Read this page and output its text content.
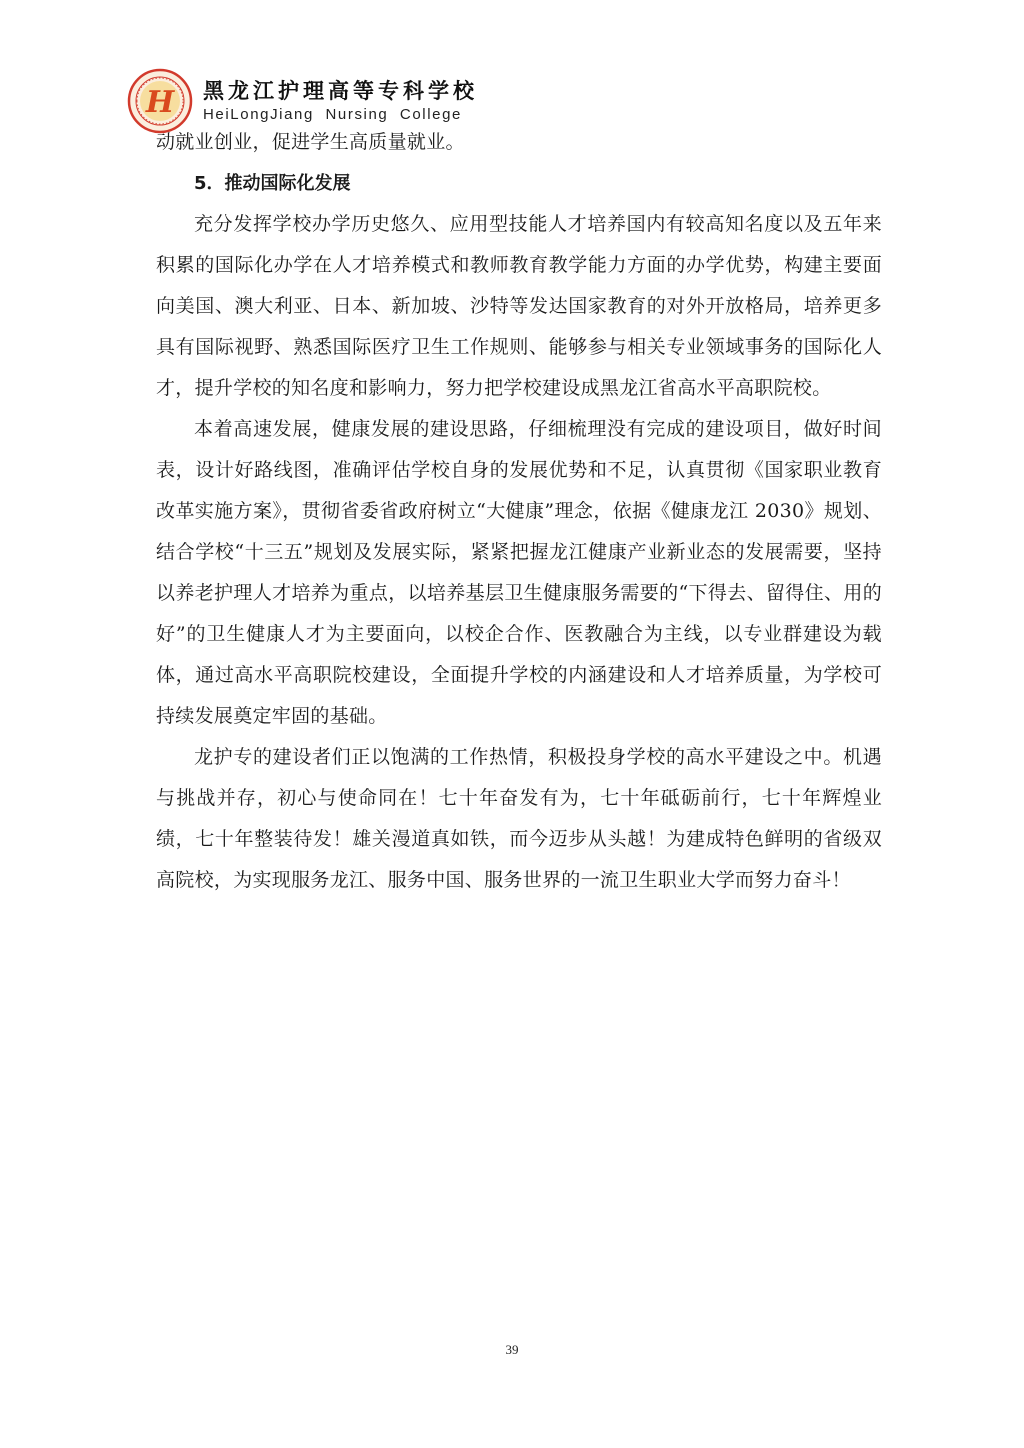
H 黑龙江护理高等专科学校
HeiLongJiang  Nursing  College

动就业创业，促进学生高质量就业。

5．推动国际化发展

充分发挥学校办学历史悠久、应用型技能人才培养国内有较高知名度以及五年来积累的国际化办学在人才培养模式和教师教育教学能力方面的办学优势，构建主要面向美国、澳大利亚、日本、新加坡、沙特等发达国家教育的对外开放格局，培养更多具有国际视野、熟悉国际医疗卫生工作规则、能够参与相关专业领域事务的国际化人才，提升学校的知名度和影响力，努力把学校建设成黑龙江省高水平高职院校。

本着高速发展，健康发展的建设思路，仔细梳理没有完成的建设项目，做好时间表，设计好路线图，准确评估学校自身的发展优势和不足，认真贯彻《国家职业教育改革实施方案》，贯彻省委省政府树立“大健康”理念，依据《健康龙江 2030》规划、结合学校“十三五”规划及发展实际，紧紧把握龙江健康产业新业态的发展需要，坚持以养老护理人才培养为重点，以培养基层卫生健康服务需要的“下得去、留得住、用的好”的卫生健康人才为主要面向，以校企合作、医教融合为主线，以专业群建设为载体，通过高水平高职院校建设，全面提升学校的内涵建设和人才培养质量，为学校可持续发展奠定牢固的基础。

龙护专的建设者们正以饱满的工作热情，积极投身学校的高水平建设之中。机遇与挑战并存，初心与使命同在！七十年奋发有为，七十年砥砺前行，七十年辉煌业绩，七十年整装待发！雄关漫道真如铁，而今迈步从头越！为建成特色鲜明的省级双高院校，为实现服务龙江、服务中国、服务世界的一流卫生职业大学而努力奋斗！

39
